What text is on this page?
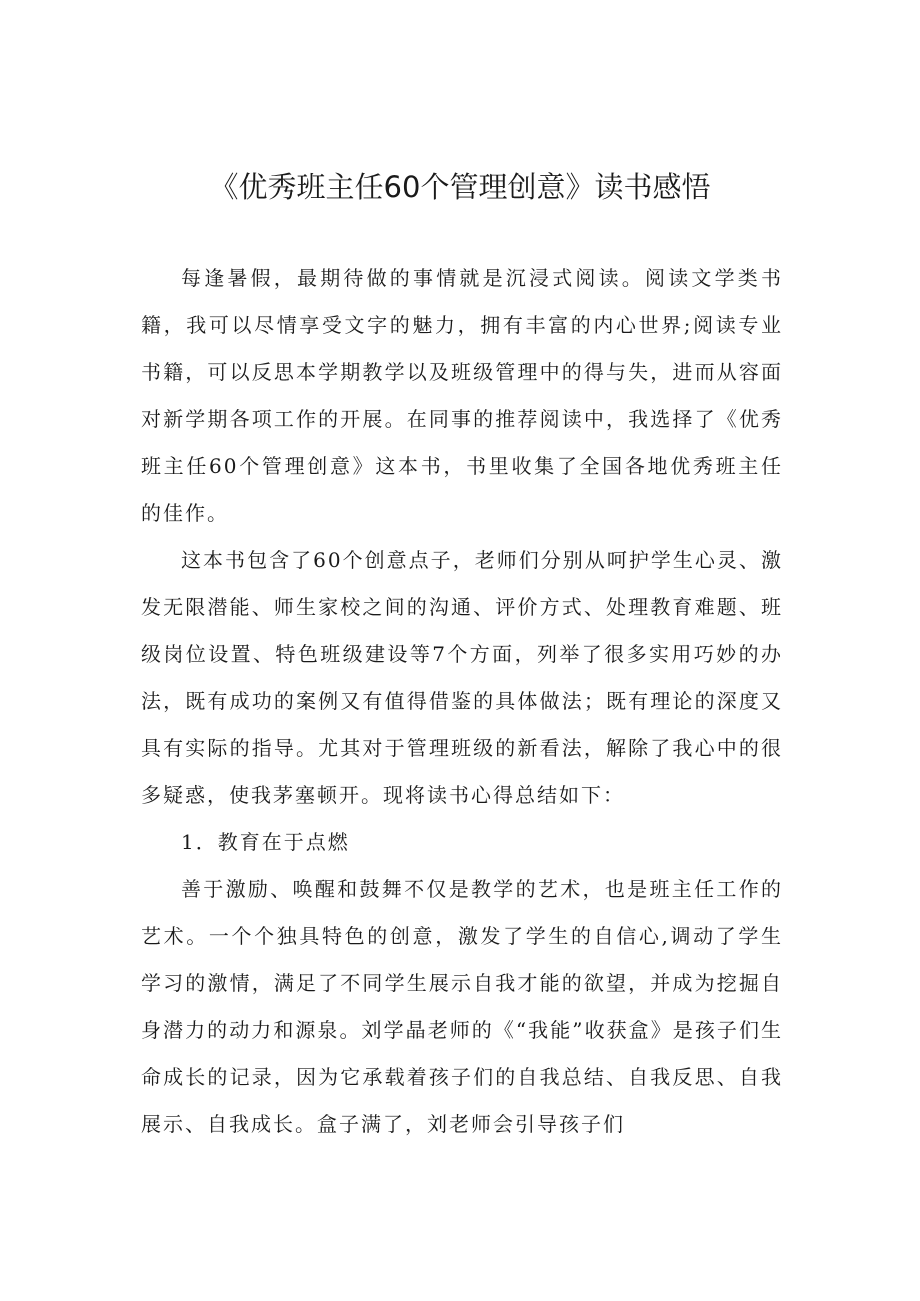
《优秀班主任60个管理创意》读书感悟

每逢暑假，最期待做的事情就是沉浸式阅读。阅读文学类书籍，我可以尽情享受文字的魅力，拥有丰富的内心世界;阅读专业书籍，可以反思本学期教学以及班级管理中的得与失，进而从容面对新学期各项工作的开展。在同事的推荐阅读中，我选择了《优秀班主任60个管理创意》这本书，书里收集了全国各地优秀班主任的佳作。

这本书包含了60个创意点子，老师们分别从呵护学生心灵、激发无限潜能、师生家校之间的沟通、评价方式、处理教育难题、班级岗位设置、特色班级建设等7个方面，列举了很多实用巧妙的办法，既有成功的案例又有值得借鉴的具体做法；既有理论的深度又具有实际的指导。尤其对于管理班级的新看法，解除了我心中的很多疑惑，使我茅塞顿开。现将读书心得总结如下：

1．教育在于点燃

善于激励、唤醒和鼓舞不仅是教学的艺术，也是班主任工作的艺术。一个个独具特色的创意，激发了学生的自信心,调动了学生学习的激情，满足了不同学生展示自我才能的欲望，并成为挖掘自身潜力的动力和源泉。刘学晶老师的《“我能”收获盒》是孩子们生命成长的记录，因为它承载着孩子们的自我总结、自我反思、自我展示、自我成长。盒子满了，刘老师会引导孩子们
